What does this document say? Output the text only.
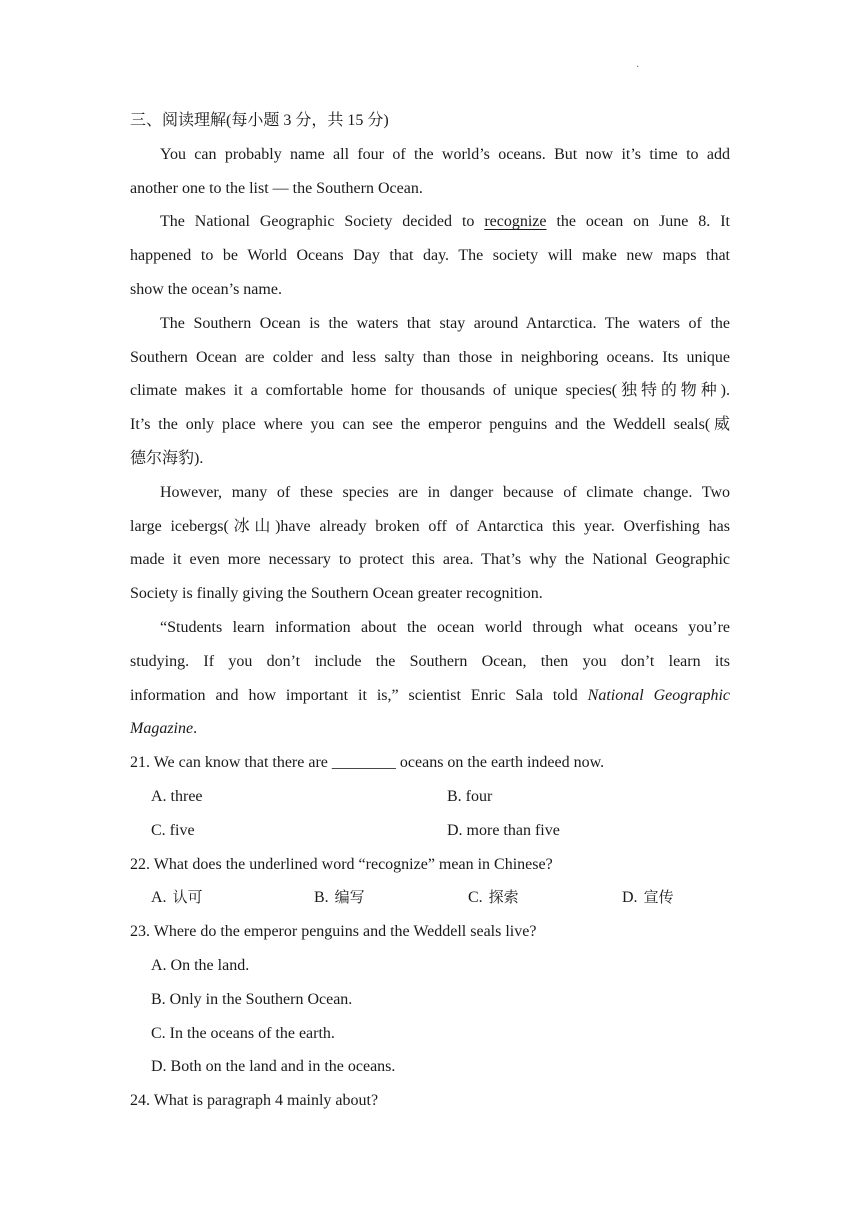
·
三、阅读理解(每小题 3 分，共 15 分)
You can probably name all four of the world’s oceans. But now it’s time to add
another one to the list — the Southern Ocean.
The National Geographic Society decided to recognize the ocean on June 8. It
happened to be World Oceans Day that day. The society will make new maps that
show the ocean’s name.
The Southern Ocean is the waters that stay around Antarctica. The waters of the
Southern Ocean are colder and less salty than those in neighboring oceans. Its unique
climate makes it a comfortable home for thousands of unique species(独特的物种).
It’s the only place where you can see the emperor penguins and the Weddell seals(威
德尔海豹).
However, many of these species are in danger because of climate change. Two
large icebergs(冰山)have already broken off of Antarctica this year. Overfishing has
made it even more necessary to protect this area. That’s why the National Geographic
Society is finally giving the Southern Ocean greater recognition.
“Students learn information about the ocean world through what oceans you’re
studying. If you don’t include the Southern Ocean, then you don’t learn its
information and how important it is,” scientist Enric Sala told National Geographic
Magazine.
21. We can know that there are ________ oceans on the earth indeed now.
A. three	B. four
C. five	D. more than five
22. What does the underlined word “recognize” mean in Chinese?
A. 认可	B. 编写	C. 探索	D. 宣传
23. Where do the emperor penguins and the Weddell seals live?
A. On the land.
B. Only in the Southern Ocean.
C. In the oceans of the earth.
D. Both on the land and in the oceans.
24. What is paragraph 4 mainly about?
